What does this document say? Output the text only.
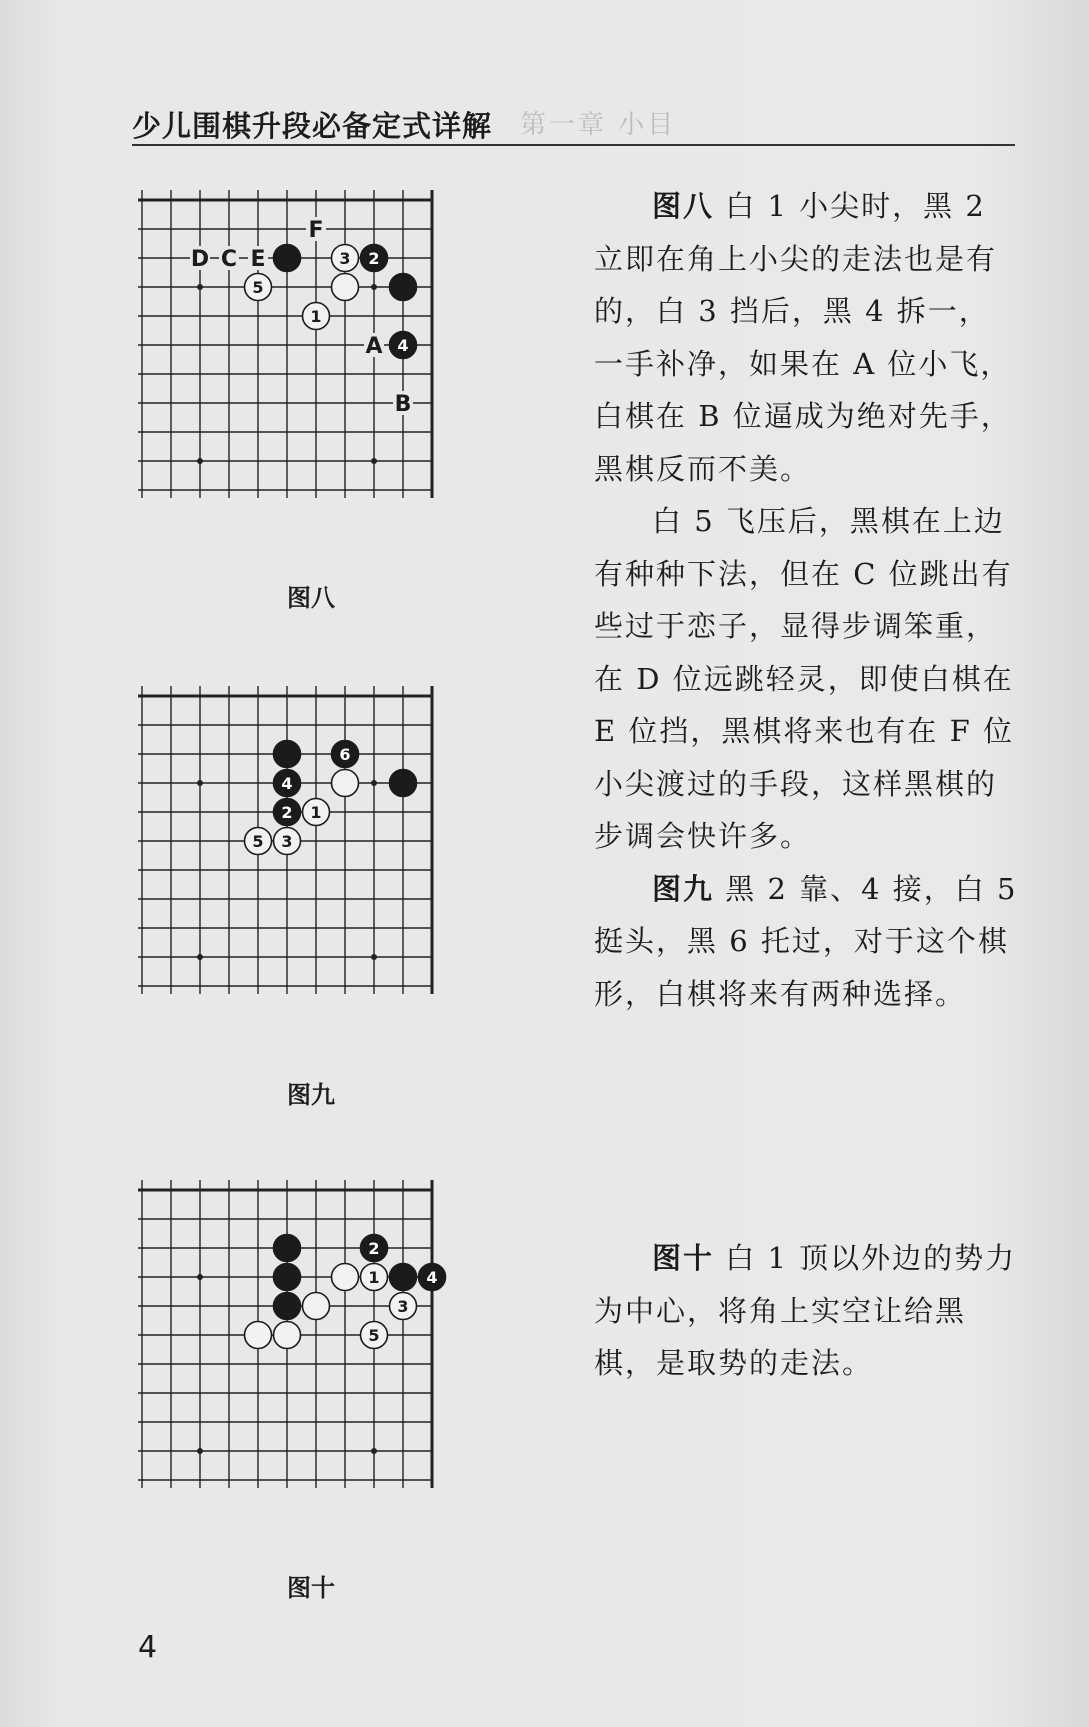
第一章 小目
少儿围棋升段必备定式详解
F
D C E
A
B
2
4
3
5
1
图八
4
2
6
1
5 3
图九
2
4
1
3
5
图十

图八 白 1 小尖时，黑 2 立即在角上小尖的走法也是有的，白 3 挡后，黑 4 拆一，一手补净，如果在 A 位小飞，白棋在 B 位逼成为绝对先手，黑棋反而不美。

白 5 飞压后，黑棋在上边有种种下法，但在 C 位跳出有些过于恋子，显得步调笨重，在 D 位远跳轻灵，即使白棋在 E 位挡，黑棋将来也有在 F 位小尖渡过的手段，这样黑棋的步调会快许多。

图九 黑 2 靠、4 接，白 5 挺头，黑 6 托过，对于这个棋形，白棋将来有两种选择。

图十 白 1 顶以外边的势力为中心，将角上实空让给黑棋，是取势的走法。

4
